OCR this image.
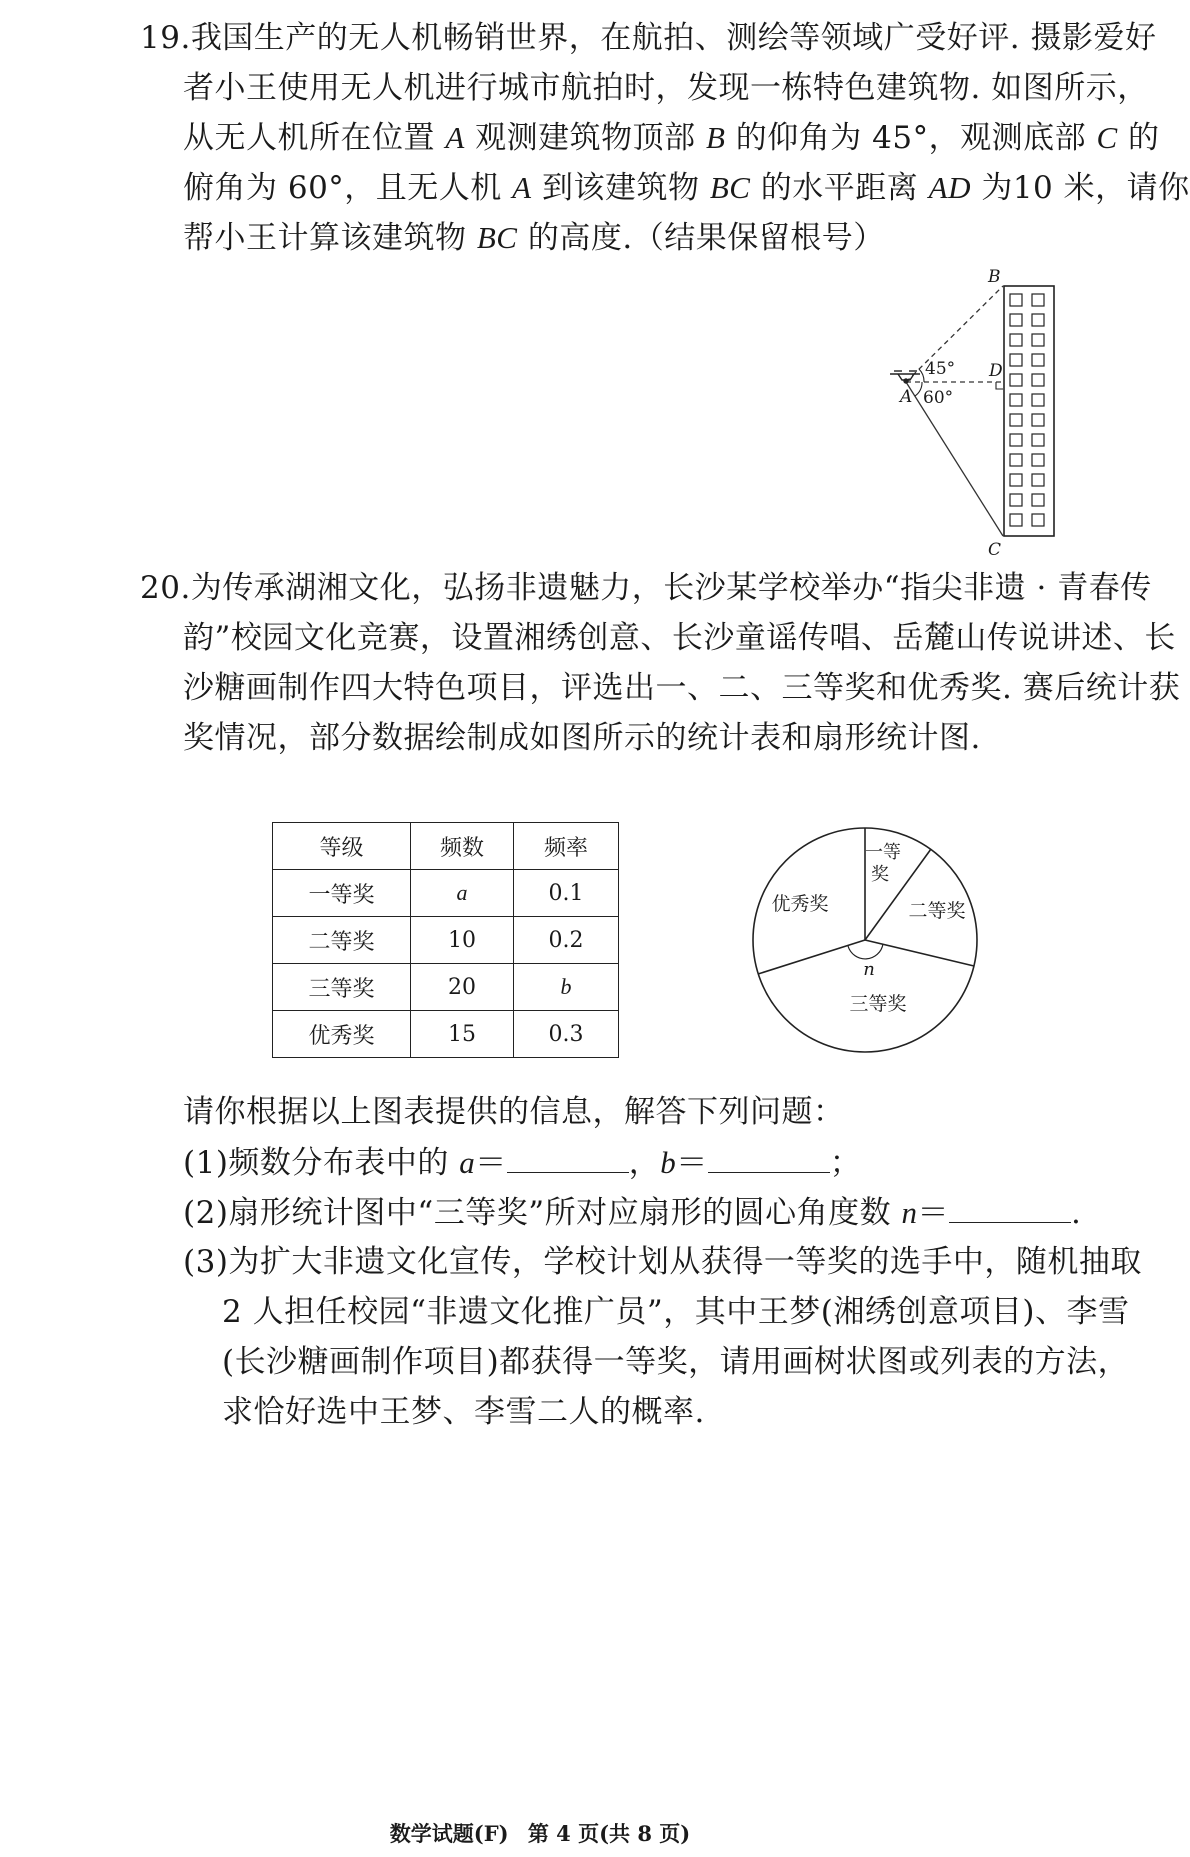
19.我国生产的无人机畅销世界，在航拍、测绘等领域广受好评. 摄影爱好
者小王使用无人机进行城市航拍时，发现一栋特色建筑物. 如图所示，
从无人机所在位置 A 观测建筑物顶部 B 的仰角为 45°，观测底部 C 的
俯角为 60°，且无人机 A 到该建筑物 BC 的水平距离 AD 为10 米，请你
帮小王计算该建筑物 BC 的高度.（结果保留根号）
B
C
D
A
45°
60°
20.为传承湖湘文化，弘扬非遗魅力，长沙某学校举办“指尖非遗 · 青春传
韵”校园文化竞赛，设置湘绣创意、长沙童谣传唱、岳麓山传说讲述、长
沙糖画制作四大特色项目，评选出一、二、三等奖和优秀奖. 赛后统计获
奖情况，部分数据绘制成如图所示的统计表和扇形统计图.
等级	频数	频率
一等奖	a	0.1
二等奖	10	0.2
三等奖	20	b
优秀奖	15	0.3
一等
奖
二等奖
三等奖
优秀奖
n
请你根据以上图表提供的信息，解答下列问题：
(1)频数分布表中的 a＝	，b＝	；
(2)扇形统计图中“三等奖”所对应扇形的圆心角度数 n＝	.
(3)为扩大非遗文化宣传，学校计划从获得一等奖的选手中，随机抽取
2 人担任校园“非遗文化推广员”，其中王梦(湘绣创意项目)、李雪
(长沙糖画制作项目)都获得一等奖，请用画树状图或列表的方法，
求恰好选中王梦、李雪二人的概率.
数学试题(F) 第 4 页(共 8 页)
